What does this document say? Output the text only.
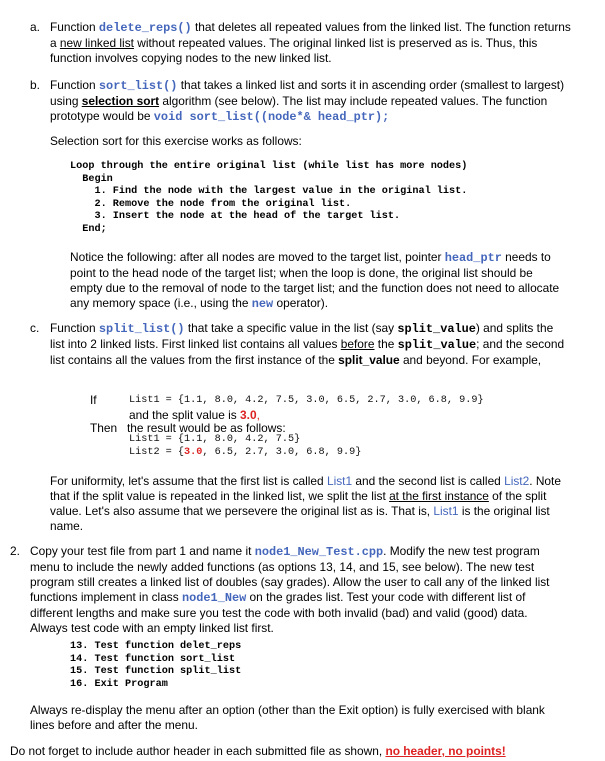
a. Function delete_reps() that deletes all repeated values from the linked list. The function returns a new linked list without repeated values. The original linked list is preserved as is. Thus, this function involves copying nodes to the new linked list.

b. Function sort_list() that takes a linked list and sorts it in ascending order (smallest to largest) using selection sort algorithm (see below). The list may include repeated values. The function prototype would be void sort_list((node*& head_ptr);

Selection sort for this exercise works as follows:
Loop through the entire original list (while list has more nodes)
Begin
1. Find the node with the largest value in the original list.
2. Remove the node from the original list.
3. Insert the node at the head of the target list.
End;

Notice the following: after all nodes are moved to the target list, pointer head_ptr needs to point to the head node of the target list; when the loop is done, the original list should be empty due to the removal of node to the target list; and the function does not need to allocate any memory space (i.e., using the new operator).

c. Function split_list() that take a specific value in the list (say split_value) and splits the list into 2 linked lists. First linked list contains all values before the split_value; and the second list contains all the values from the first instance of the split_value and beyond. For example,

If	List1 = {1.1, 8.0, 4.2, 7.5, 3.0, 6.5, 2.7, 3.0, 6.8, 9.9}
and the split value is 3.0,
Then the result would be as follows:
List1 = {1.1, 8.0, 4.2, 7.5}
List2 = {3.0, 6.5, 2.7, 3.0, 6.8, 9.9}

For uniformity, let's assume that the first list is called List1 and the second list is called List2. Note that if the split value is repeated in the linked list, we split the list at the first instance of the split value. Let's also assume that we persevere the original list as is. That is, List1 is the original list name.

2. Copy your test file from part 1 and name it node1_New_Test.cpp. Modify the new test program menu to include the newly added functions (as options 13, 14, and 15, see below). The new test program still creates a linked list of doubles (say grades). Allow the user to call any of the linked list functions implement in class node1_New on the grades list. Test your code with different list of different lengths and make sure you test the code with both invalid (bad) and valid (good) data. Always test code with an empty linked list first.

13. Test function delet_reps
14. Test function sort_list
15. Test function split_list
16. Exit Program
Always re-display the menu after an option (other than the Exit option) is fully exercised with blank lines before and after the menu.
Do not forget to include author header in each submitted file as shown, no header, no points!
